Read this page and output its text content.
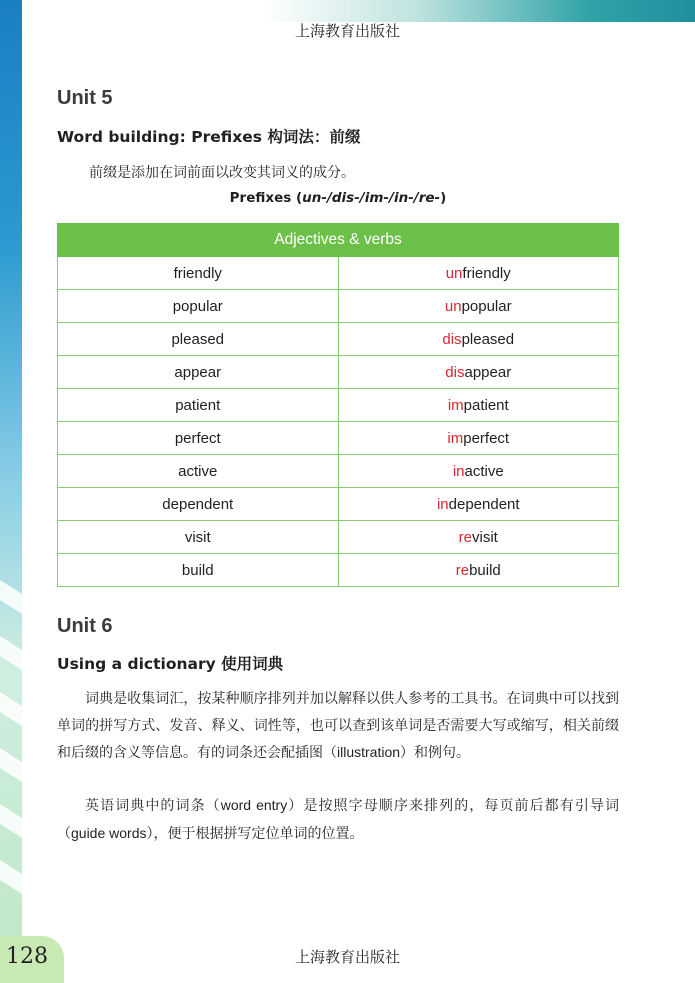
上海教育出版社
Unit 5
Word building: Prefixes 构词法：前缀
前缀是添加在词前面以改变其词义的成分。
Prefixes (un-/dis-/im-/in-/re-)
Adjectives & verbs	
friendly	unfriendly
popular	unpopular
pleased	displeased
appear	disappear
patient	impatient
perfect	imperfect
active	inactive
dependent	independent
visit	revisit
build	rebuild
Unit 6
Using a dictionary 使用词典
词典是收集词汇，按某种顺序排列并加以解释以供人参考的工具书。在词典中可以找到单词的拼写方式、发音、释义、词性等，也可以查到该单词是否需要大写或缩写，相关前缀和后缀的含义等信息。有的词条还会配插图（illustration）和例句。
英语词典中的词条（word entry）是按照字母顺序来排列的，每页前后都有引导词（guide words），便于根据拼写定位单词的位置。
128	上海教育出版社
